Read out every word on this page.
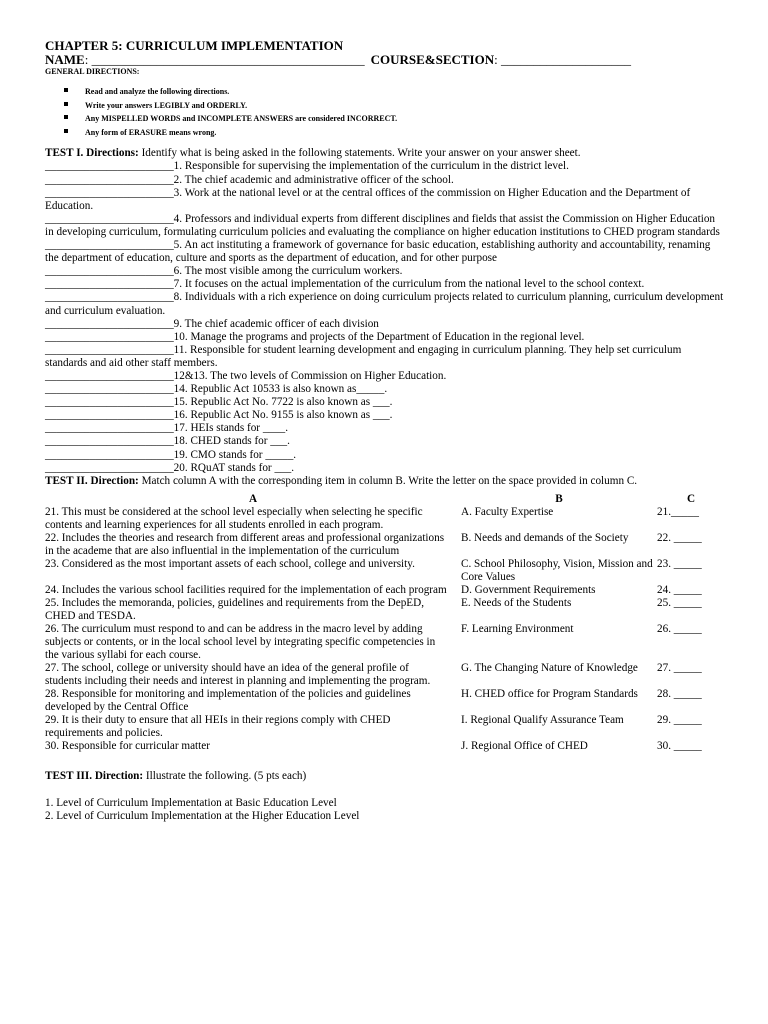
CHAPTER 5: CURRICULUM IMPLEMENTATION
NAME : __________________________________________ COURSE&SECTION : ____________________
GENERAL DIRECTIONS:
Read and analyze the following directions.
Write your answers LEGIBLY and ORDERLY.
Any MISPELLED WORDS and INCOMPLETE ANSWERS are considered INCORRECT.
Any form of ERASURE means wrong.
TEST I. Directions: Identify what is being asked in the following statements. Write your answer on your answer sheet.
_______________________1. Responsible for supervising the implementation of the curriculum in the district level.
_______________________2. The chief academic and administrative officer of the school.
_______________________3. Work at the national level or at the central offices of the commission on Higher Education and the Department of Education.
_______________________4. Professors and individual experts from different disciplines and fields that assist the Commission on Higher Education in developing curriculum, formulating curriculum policies and evaluating the compliance on higher education institutions to CHED program standards
_______________________5. An act instituting a framework of governance for basic education, establishing authority and accountability, renaming the department of education, culture and sports as the department of education, and for other purpose
_______________________6. The most visible among the curriculum workers.
_______________________7. It focuses on the actual implementation of the curriculum from the national level to the school context.
_______________________8. Individuals with a rich experience on doing curriculum projects related to curriculum planning, curriculum development and curriculum evaluation.
_______________________9. The chief academic officer of each division
_______________________10. Manage the programs and projects of the Department of Education in the regional level.
_______________________11. Responsible for student learning development and engaging in curriculum planning. They help set curriculum standards and aid other staff members.
_______________________12&13. The two levels of Commission on Higher Education.
_______________________14. Republic Act 10533 is also known as_____.
_______________________15. Republic Act No. 7722 is also known as ___.
_______________________16. Republic Act No. 9155 is also known as ___.
_______________________17. HEIs stands for ____.
_______________________18. CHED stands for ___.
_______________________19. CMO stands for _____.
_______________________20. RQuAT stands for ___.
TEST II. Direction: Match column A with the corresponding item in column B. Write the letter on the space provided in column C.
A	B	C
21. This must be considered at the school level especially when selecting he specific contents and learning experiences for all students enrolled in each program.	A. Faculty Expertise	21._____
22. Includes the theories and research from different areas and professional organizations in the academe that are also influential in the implementation of the curriculum	B. Needs and demands of the Society	22. _____
23. Considered as the most important assets of each school, college and university.	C. School Philosophy, Vision, Mission and Core Values	23. _____
24. Includes the various school facilities required for the implementation of each program	D. Government Requirements	24. _____
25. Includes the memoranda, policies, guidelines and requirements from the DepED, CHED and TESDA.	E. Needs of the Students	25. _____
26. The curriculum must respond to and can be address in the macro level by adding subjects or contents, or in the local school level by integrating specific competencies in the various syllabi for each course.	F. Learning Environment	26. _____
27. The school, college or university should have an idea of the general profile of students including their needs and interest in planning and implementing the program.	G. The Changing Nature of Knowledge	27. _____
28. Responsible for monitoring and implementation of the policies and guidelines developed by the Central Office	H. CHED office for Program Standards	28. _____
29. It is their duty to ensure that all HEIs in their regions comply with CHED requirements and policies.	I. Regional Qualify Assurance Team	29. _____
30. Responsible for curricular matter	J. Regional Office of CHED	30. _____
TEST III. Direction: Illustrate the following. (5 pts each)
1. Level of Curriculum Implementation at Basic Education Level
2. Level of Curriculum Implementation at the Higher Education Level
